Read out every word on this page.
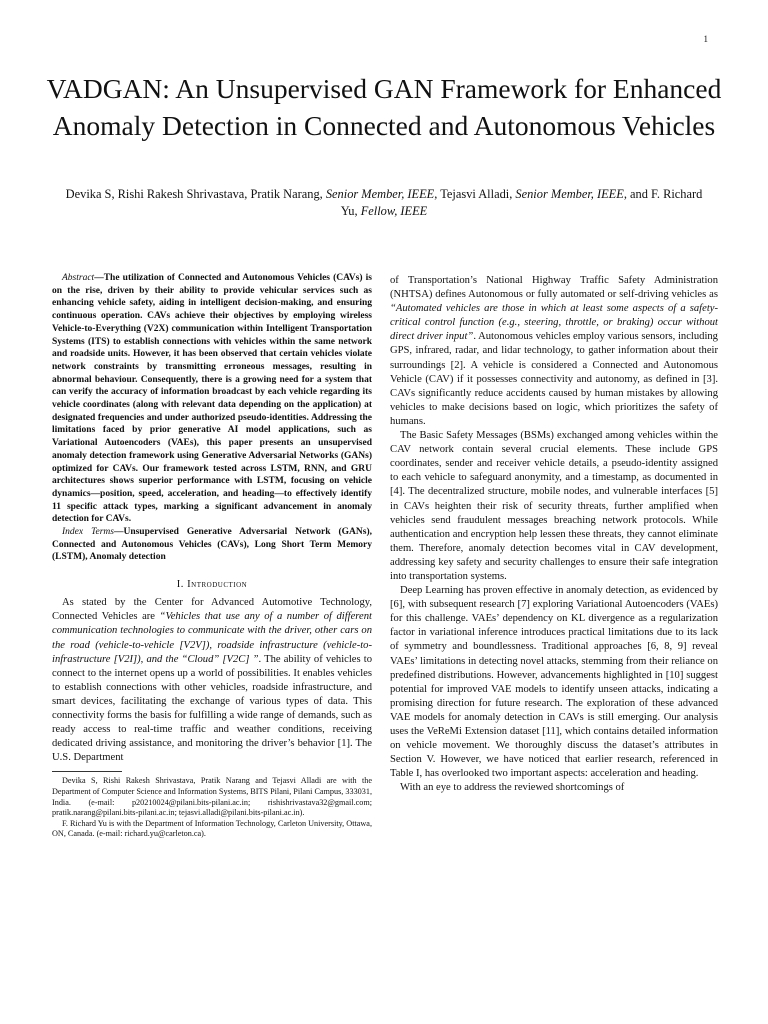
1
VADGAN: An Unsupervised GAN Framework for Enhanced Anomaly Detection in Connected and Autonomous Vehicles
Devika S, Rishi Rakesh Shrivastava, Pratik Narang, Senior Member, IEEE, Tejasvi Alladi, Senior Member, IEEE, and F. Richard Yu, Fellow, IEEE

Abstract—The utilization of Connected and Autonomous Vehicles (CAVs) is on the rise, driven by their ability to provide vehicular services such as enhancing vehicle safety, aiding in intelligent decision-making, and ensuring continuous operation. CAVs achieve their objectives by employing wireless Vehicle-to-Everything (V2X) communication within Intelligent Transportation Systems (ITS) to establish connections with vehicles within the same network and roadside units. However, it has been observed that certain vehicles violate network constraints by transmitting erroneous messages, resulting in abnormal behaviour. Consequently, there is a growing need for a system that can verify the accuracy of information broadcast by each vehicle regarding its vehicle coordinates (along with relevant data depending on the application) at designated frequencies and under authorized pseudo-identities. Addressing the limitations faced by prior generative AI model applications, such as Variational Autoencoders (VAEs), this paper presents an unsupervised anomaly detection framework using Generative Adversarial Networks (GANs) optimized for CAVs. Our framework tested across LSTM, RNN, and GRU architectures shows superior performance with LSTM, focusing on vehicle dynamics—position, speed, acceleration, and heading—to effectively identify 11 specific attack types, marking a significant advancement in anomaly detection for CAVs.

Index Terms—Unsupervised Generative Adversarial Network (GANs), Connected and Autonomous Vehicles (CAVs), Long Short Term Memory (LSTM), Anomaly detection

I. Introduction

As stated by the Center for Advanced Automotive Technology, Connected Vehicles are “Vehicles that use any of a number of different communication technologies to communicate with the driver, other cars on the road (vehicle-to-vehicle [V2V]), roadside infrastructure (vehicle-to-infrastructure [V2I]), and the “Cloud” [V2C] ”. The ability of vehicles to connect to the internet opens up a world of possibilities. It enables vehicles to establish connections with other vehicles, roadside infrastructure, and smart devices, facilitating the exchange of various types of data. This connectivity forms the basis for fulfilling a wide range of demands, such as ready access to real-time traffic and weather conditions, receiving dedicated driving assistance, and monitoring the driver’s behavior [1]. The U.S. Department

Devika S, Rishi Rakesh Shrivastava, Pratik Narang and Tejasvi Alladi are with the Department of Computer Science and Information Systems, BITS Pilani, Pilani Campus, 333031, India. (e-mail: p20210024@pilani.bits-pilani.ac.in; rishishrivastava32@gmail.com; pratik.narang@pilani.bits-pilani.ac.in; tejasvi.alladi@pilani.bits-pilani.ac.in).

F. Richard Yu is with the Department of Information Technology, Carleton University, Ottawa, ON, Canada. (e-mail: richard.yu@carleton.ca).

of Transportation’s National Highway Traffic Safety Administration (NHTSA) defines Autonomous or fully automated or self-driving vehicles as “Automated vehicles are those in which at least some aspects of a safety-critical control function (e.g., steering, throttle, or braking) occur without direct driver input”. Autonomous vehicles employ various sensors, including GPS, infrared, radar, and lidar technology, to gather information about their surroundings [2]. A vehicle is considered a Connected and Autonomous Vehicle (CAV) if it possesses connectivity and autonomy, as defined in [3]. CAVs significantly reduce accidents caused by human mistakes by allowing vehicles to make decisions based on logic, which prioritizes the safety of humans.

The Basic Safety Messages (BSMs) exchanged among vehicles within the CAV network contain several crucial elements. These include GPS coordinates, sender and receiver vehicle details, a pseudo-identity assigned to each vehicle to safeguard anonymity, and a timestamp, as documented in [4]. The decentralized structure, mobile nodes, and vulnerable interfaces [5] in CAVs heighten their risk of security threats, further amplified when vehicles send fraudulent messages breaching network protocols. While authentication and encryption help lessen these threats, they cannot eliminate them. Therefore, anomaly detection becomes vital in CAV development, addressing key safety and security challenges to ensure their safe integration into transportation systems.

Deep Learning has proven effective in anomaly detection, as evidenced by [6], with subsequent research [7] exploring Variational Autoencoders (VAEs) for this challenge. VAEs’ dependency on KL divergence as a regularization factor in variational inference introduces practical limitations due to its lack of symmetry and boundlessness. Traditional approaches [6, 8, 9] reveal VAEs’ limitations in detecting novel attacks, stemming from their reliance on predefined distributions. However, advancements highlighted in [10] suggest potential for improved VAE models to identify unseen attacks, indicating a promising direction for future research. The exploration of these advanced VAE models for anomaly detection in CAVs is still emerging. Our analysis uses the VeReMi Extension dataset [11], which contains detailed information on vehicle movement. We thoroughly discuss the dataset’s attributes in Section V. However, we have noticed that earlier research, referenced in Table I, has overlooked two important aspects: acceleration and heading.

With an eye to address the reviewed shortcomings of
